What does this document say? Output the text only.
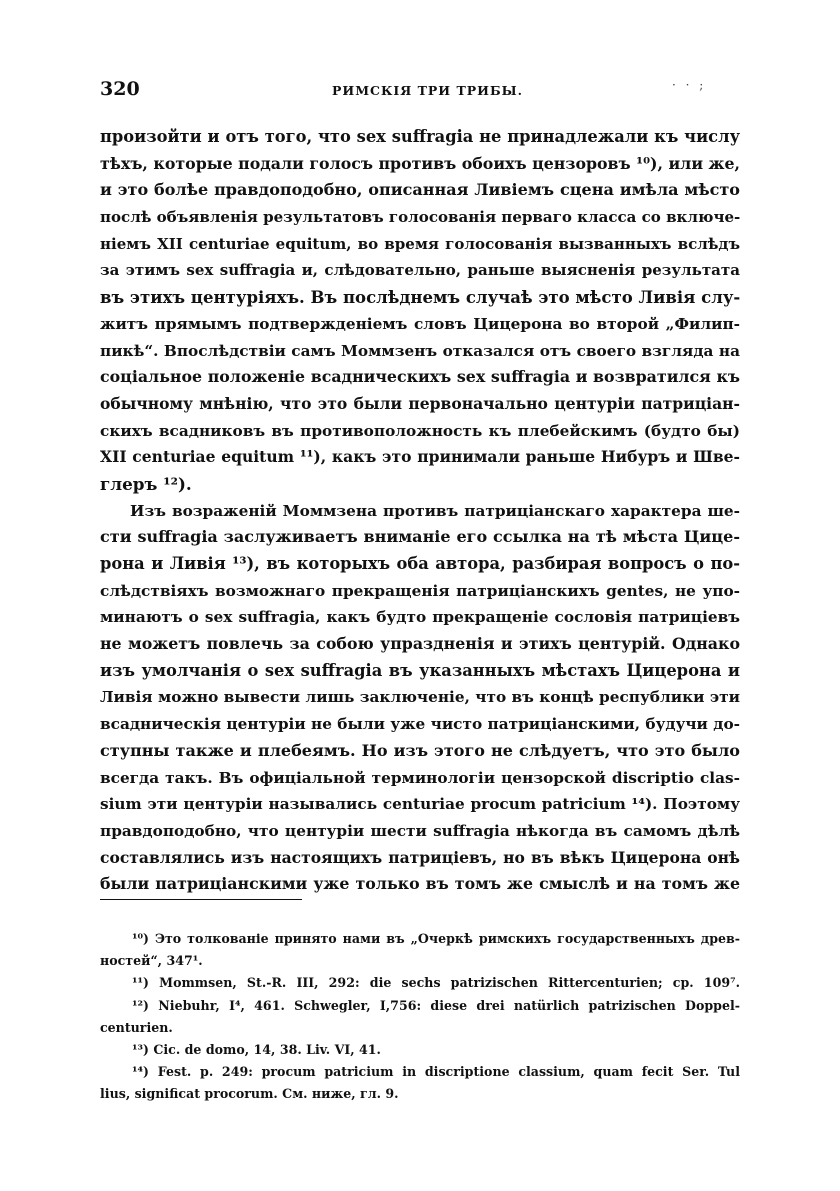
320	РИМСКІЯ ТРИ ТРИБЫ.	· · ;
произойти и отъ того, что sex suffragia не принадлежали къ числу
тѣхъ, которые подали голосъ противъ обоихъ цензоровъ ¹⁰), или же,
и это болѣе правдоподобно, описанная Ливіемъ сцена имѣла мѣсто
послѣ объявленія результатовъ голосованія перваго класса со включе-
ніемъ XII centuriae equitum, во время голосованія вызванныхъ вслѣдъ
за этимъ sex suffragia и, слѣдовательно, раньше выясненія результата
въ этихъ центуріяхъ. Въ послѣднемъ случаѣ это мѣсто Ливія слу-
житъ прямымъ подтвержденіемъ словъ Цицерона во второй „Филип-
пикѣ“. Впослѣдствіи самъ Моммзенъ отказался отъ своего взгляда на
соціальное положеніе всадническихъ sex suffragia и возвратился къ
обычному мнѣнію, что это были первоначально центуріи патриціан-
скихъ всадниковъ въ противоположность къ плебейскимъ (будто бы)
XII centuriae equitum ¹¹), какъ это принимали раньше Нибуръ и Шве-
глеръ ¹²).
Изъ возраженій Моммзена противъ патриціанскаго характера ше-
сти suffragia заслуживаетъ вниманіе его ссылка на тѣ мѣста Цице-
рона и Ливія ¹³), въ которыхъ оба автора, разбирая вопросъ о по-
слѣдствіяхъ возможнаго прекращенія патриціанскихъ gentes, не упо-
минаютъ о sex suffragia, какъ будто прекращеніе сословія патриціевъ
не можетъ повлечь за собою упраздненія и этихъ центурій. Однако
изъ умолчанія о sex suffragia въ указанныхъ мѣстахъ Цицерона и
Ливія можно вывести лишь заключеніе, что въ концѣ республики эти
всадническія центуріи не были уже чисто патриціанскими, будучи до-
ступны также и плебеямъ. Но изъ этого не слѣдуетъ, что это было
всегда такъ. Въ офиціальной терминологіи цензорской discriptio clas-
sium эти центуріи назывались centuriae procum patricium ¹⁴). Поэтому
правдоподобно, что центуріи шести suffragia нѣкогда въ самомъ дѣлѣ
составлялись изъ настоящихъ патриціевъ, но въ вѣкъ Цицерона онѣ
были патриціанскими уже только въ томъ же смыслѣ и на томъ же
¹⁰) Это толкованіе принято нами въ „Очеркѣ римскихъ государственныхъ древ-
ностей“, 347¹.
¹¹) Mommsen, St.-R. III, 292: die sechs patrizischen Rittercenturien; cp. 109⁷.
¹²) Niebuhr, I⁴, 461. Schwegler, I,756: diese drei natürlich patrizischen Doppel-
centurien.
¹³) Cic. de domo, 14, 38. Liv. VI, 41.
¹⁴) Fest. p. 249: procum patricium in discriptione classium, quam fecit Ser. Tul
lius, significat procorum. См. ниже, гл. 9.
